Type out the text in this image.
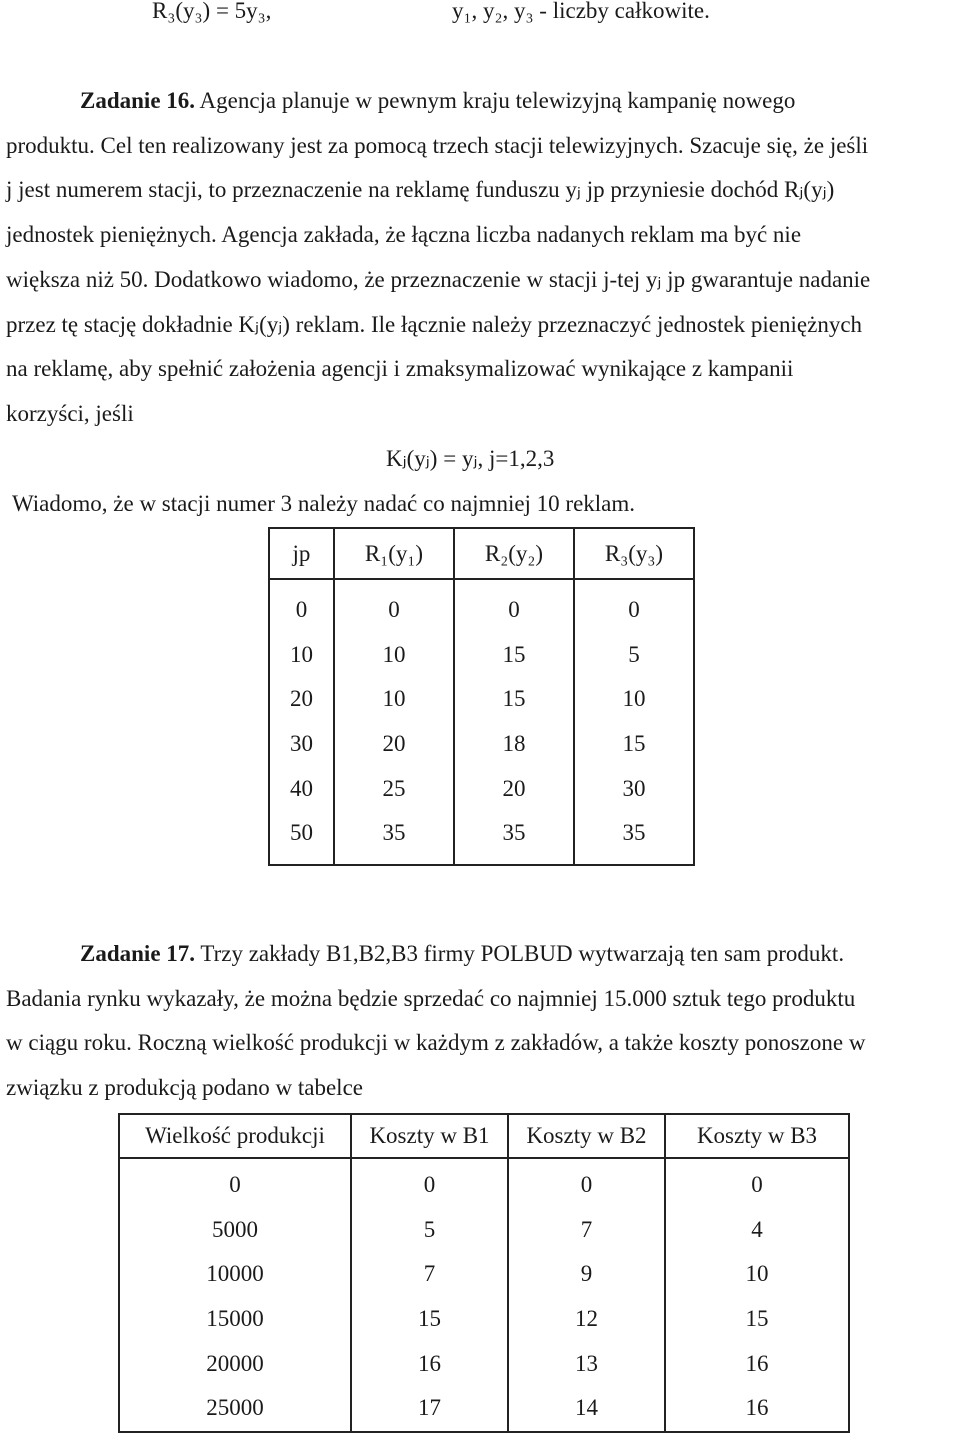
R₃(y₃) = 5y₃,	y₁, y₂, y₃ - liczby całkowite.
Zadanie 16. Agencja planuje w pewnym kraju telewizyjną kampanię nowego
produktu. Cel ten realizowany jest za pomocą trzech stacji telewizyjnych. Szacuje się, że jeśli
j jest numerem stacji, to przeznaczenie na reklamę funduszu yⱼ jp przyniesie dochód Rⱼ(yⱼ)
jednostek pieniężnych. Agencja zakłada, że łączna liczba nadanych reklam ma być nie
większa niż 50. Dodatkowo wiadomo, że przeznaczenie w stacji j-tej yⱼ jp gwarantuje nadanie
przez tę stację dokładnie Kⱼ(yⱼ) reklam. Ile łącznie należy przeznaczyć jednostek pieniężnych
na reklamę, aby spełnić założenia agencji i zmaksymalizować wynikające z kampanii
korzyści, jeśli
Kⱼ(yⱼ) = yⱼ, j=1,2,3
Wiadomo, że w stacji numer 3 należy nadać co najmniej 10 reklam.
jp	R₁(y₁)	R₂(y₂)	R₃(y₃)
0	0	0	0
10	10	15	5
20	10	15	10
30	20	18	15
40	25	20	30
50	35	35	35
Zadanie 17. Trzy zakłady B1,B2,B3 firmy POLBUD wytwarzają ten sam produkt.
Badania rynku wykazały, że można będzie sprzedać co najmniej 15.000 sztuk tego produktu
w ciągu roku. Roczną wielkość produkcji w każdym z zakładów, a także koszty ponoszone w
związku z produkcją podano w tabelce
Wielkość produkcji	Koszty w B1	Koszty w B2	Koszty w B3
0	0	0	0
5000	5	7	4
10000	7	9	10
15000	15	12	15
20000	16	13	16
25000	17	14	16
